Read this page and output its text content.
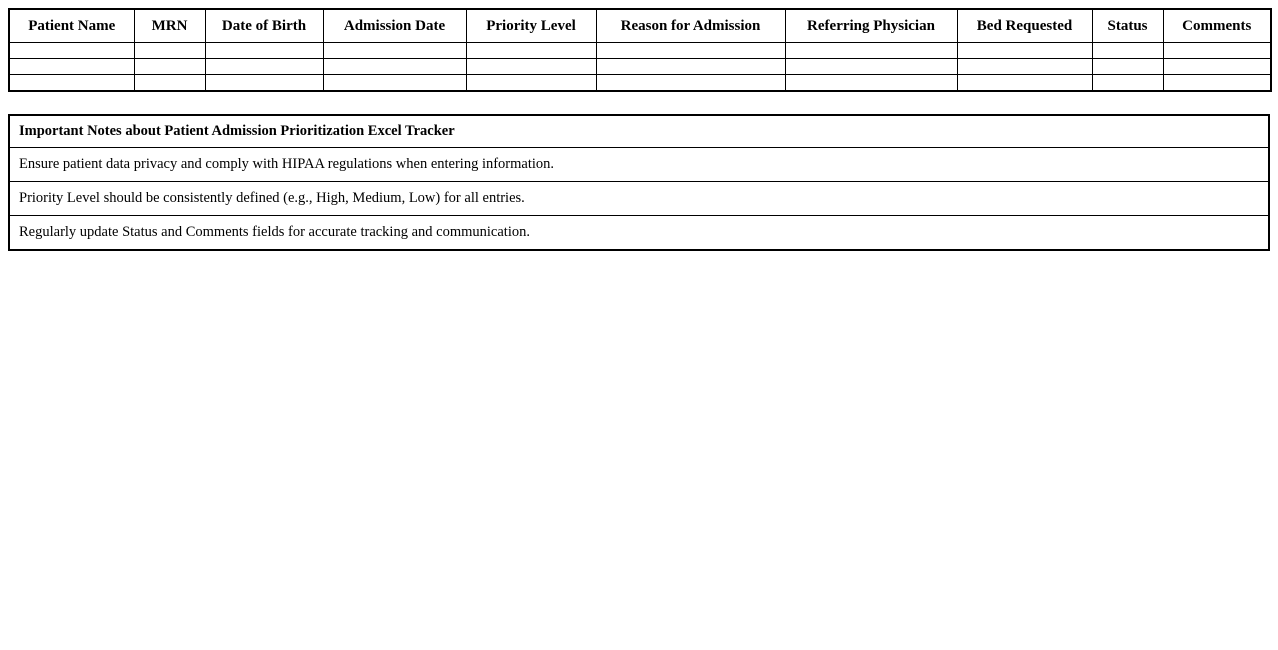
Patient Name	MRN	Date of Birth	Admission Date	Priority Level	Reason for Admission	Referring Physician	Bed Requested	Status	Comments

Important Notes about Patient Admission Prioritization Excel Tracker
Ensure patient data privacy and comply with HIPAA regulations when entering information.
Priority Level should be consistently defined (e.g., High, Medium, Low) for all entries.
Regularly update Status and Comments fields for accurate tracking and communication.
